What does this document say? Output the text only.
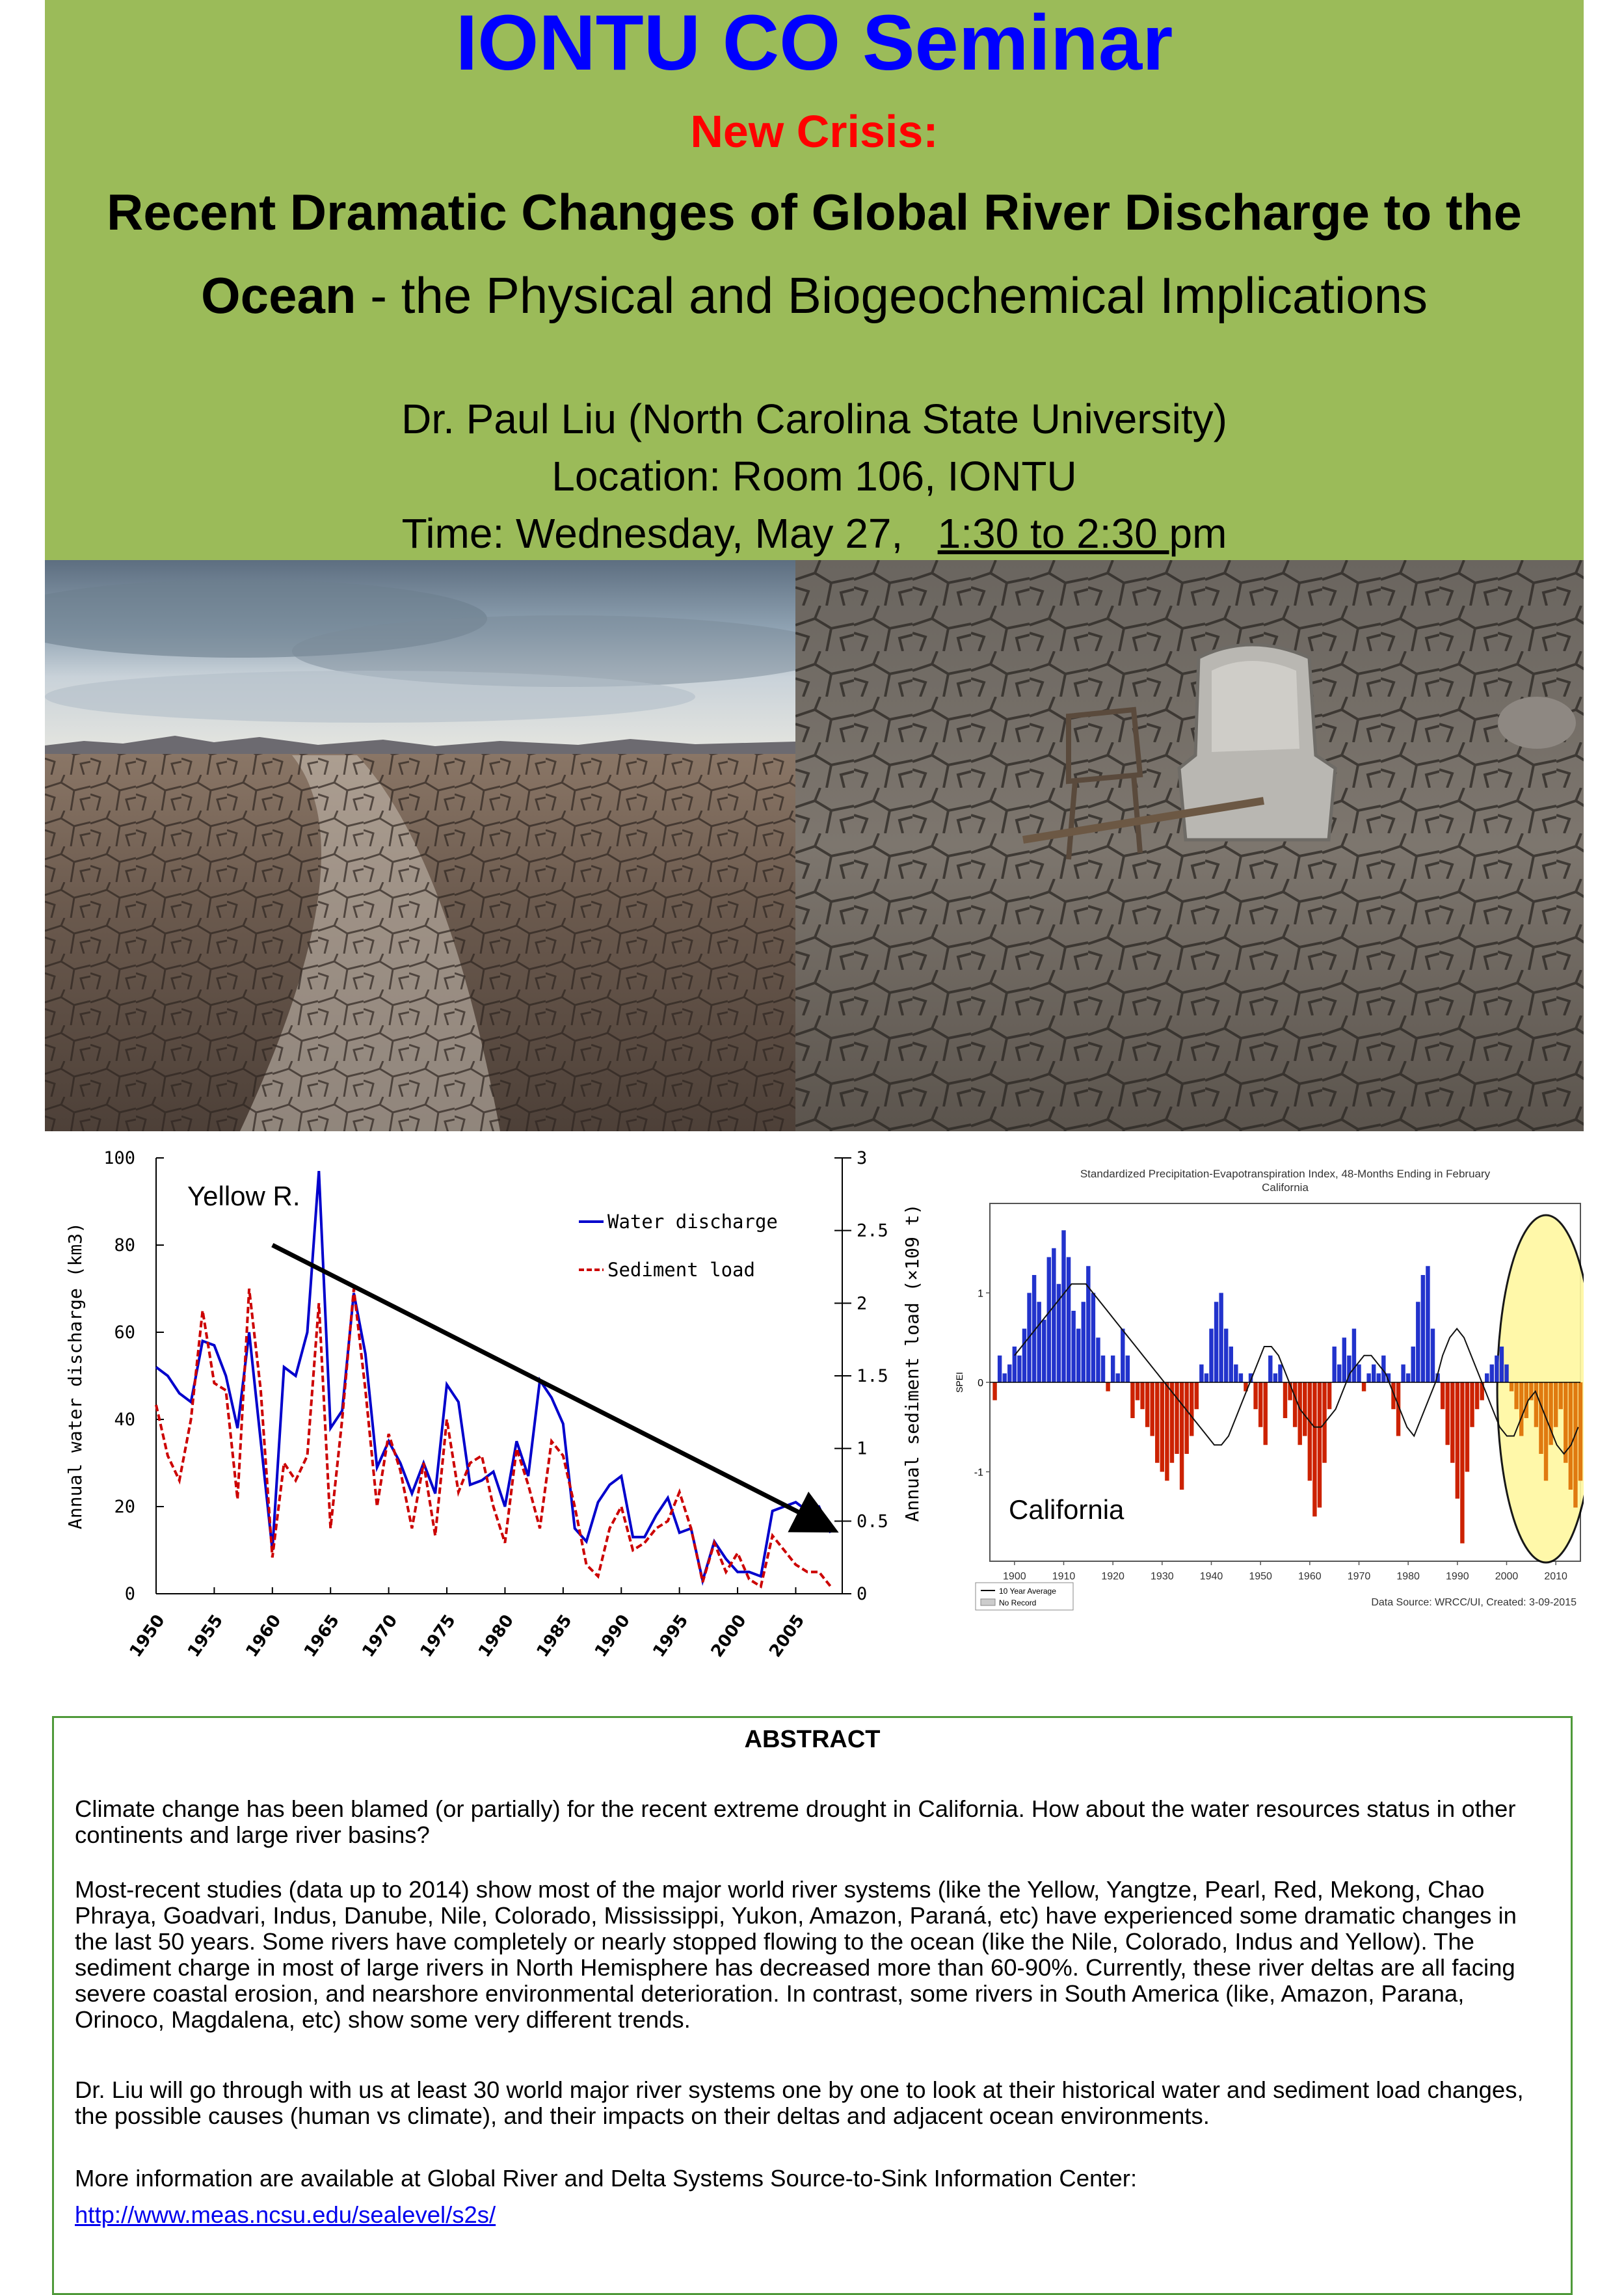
IONTU CO Seminar
New Crisis:
Recent Dramatic Changes of Global River Discharge to the Ocean - the Physical and Biogeochemical Implications
Dr. Paul Liu (North Carolina State University)
Location: Room 106, IONTU
Time: Wednesday, May 27,   1:30 to 2:30 pm
0
20
40
60
80
100
0
0.5
1
1.5
2
2.5
3
1950 1955 1960 1965 1970 1975 1980 1985 1990 1995 2000 2005
Annual water discharge (km3)	Annual sediment load (×109 t)
Yellow R.
Water discharge
Sediment load
Standardized Precipitation-Evapotranspiration Index, 48-Months Ending in February
California
-1
0
1
SPEI
1900	1910	1920	1930	1940	1950	1960	1970	1980	1990	2000	2010
California
10 Year Average
No Record	Data Source: WRCC/UI, Created: 3-09-2015
ABSTRACT

Climate change has been blamed (or partially) for the recent extreme drought in California. How about the water resources status in other continents and large river basins?

Most-recent studies (data up to 2014) show most of the major world river systems (like the Yellow, Yangtze, Pearl, Red, Mekong, Chao Phraya, Goadvari, Indus, Danube, Nile, Colorado, Mississippi, Yukon, Amazon, Paraná, etc) have experienced some dramatic changes in the last 50 years. Some rivers have completely or nearly stopped flowing to the ocean (like the Nile, Colorado, Indus and Yellow). The sediment charge in most of large rivers in North Hemisphere has decreased more than 60-90%. Currently, these river deltas are all facing severe coastal erosion, and nearshore environmental deterioration. In contrast, some rivers in South America (like, Amazon, Parana, Orinoco, Magdalena, etc) show some very different trends.

Dr. Liu will go through with us at least 30 world major river systems one by one to look at their historical water and sediment load changes, the possible causes (human vs climate), and their impacts on their deltas and adjacent ocean environments.

More information are available at Global River and Delta Systems Source-to-Sink Information Center:

http://www.meas.ncsu.edu/sealevel/s2s/
